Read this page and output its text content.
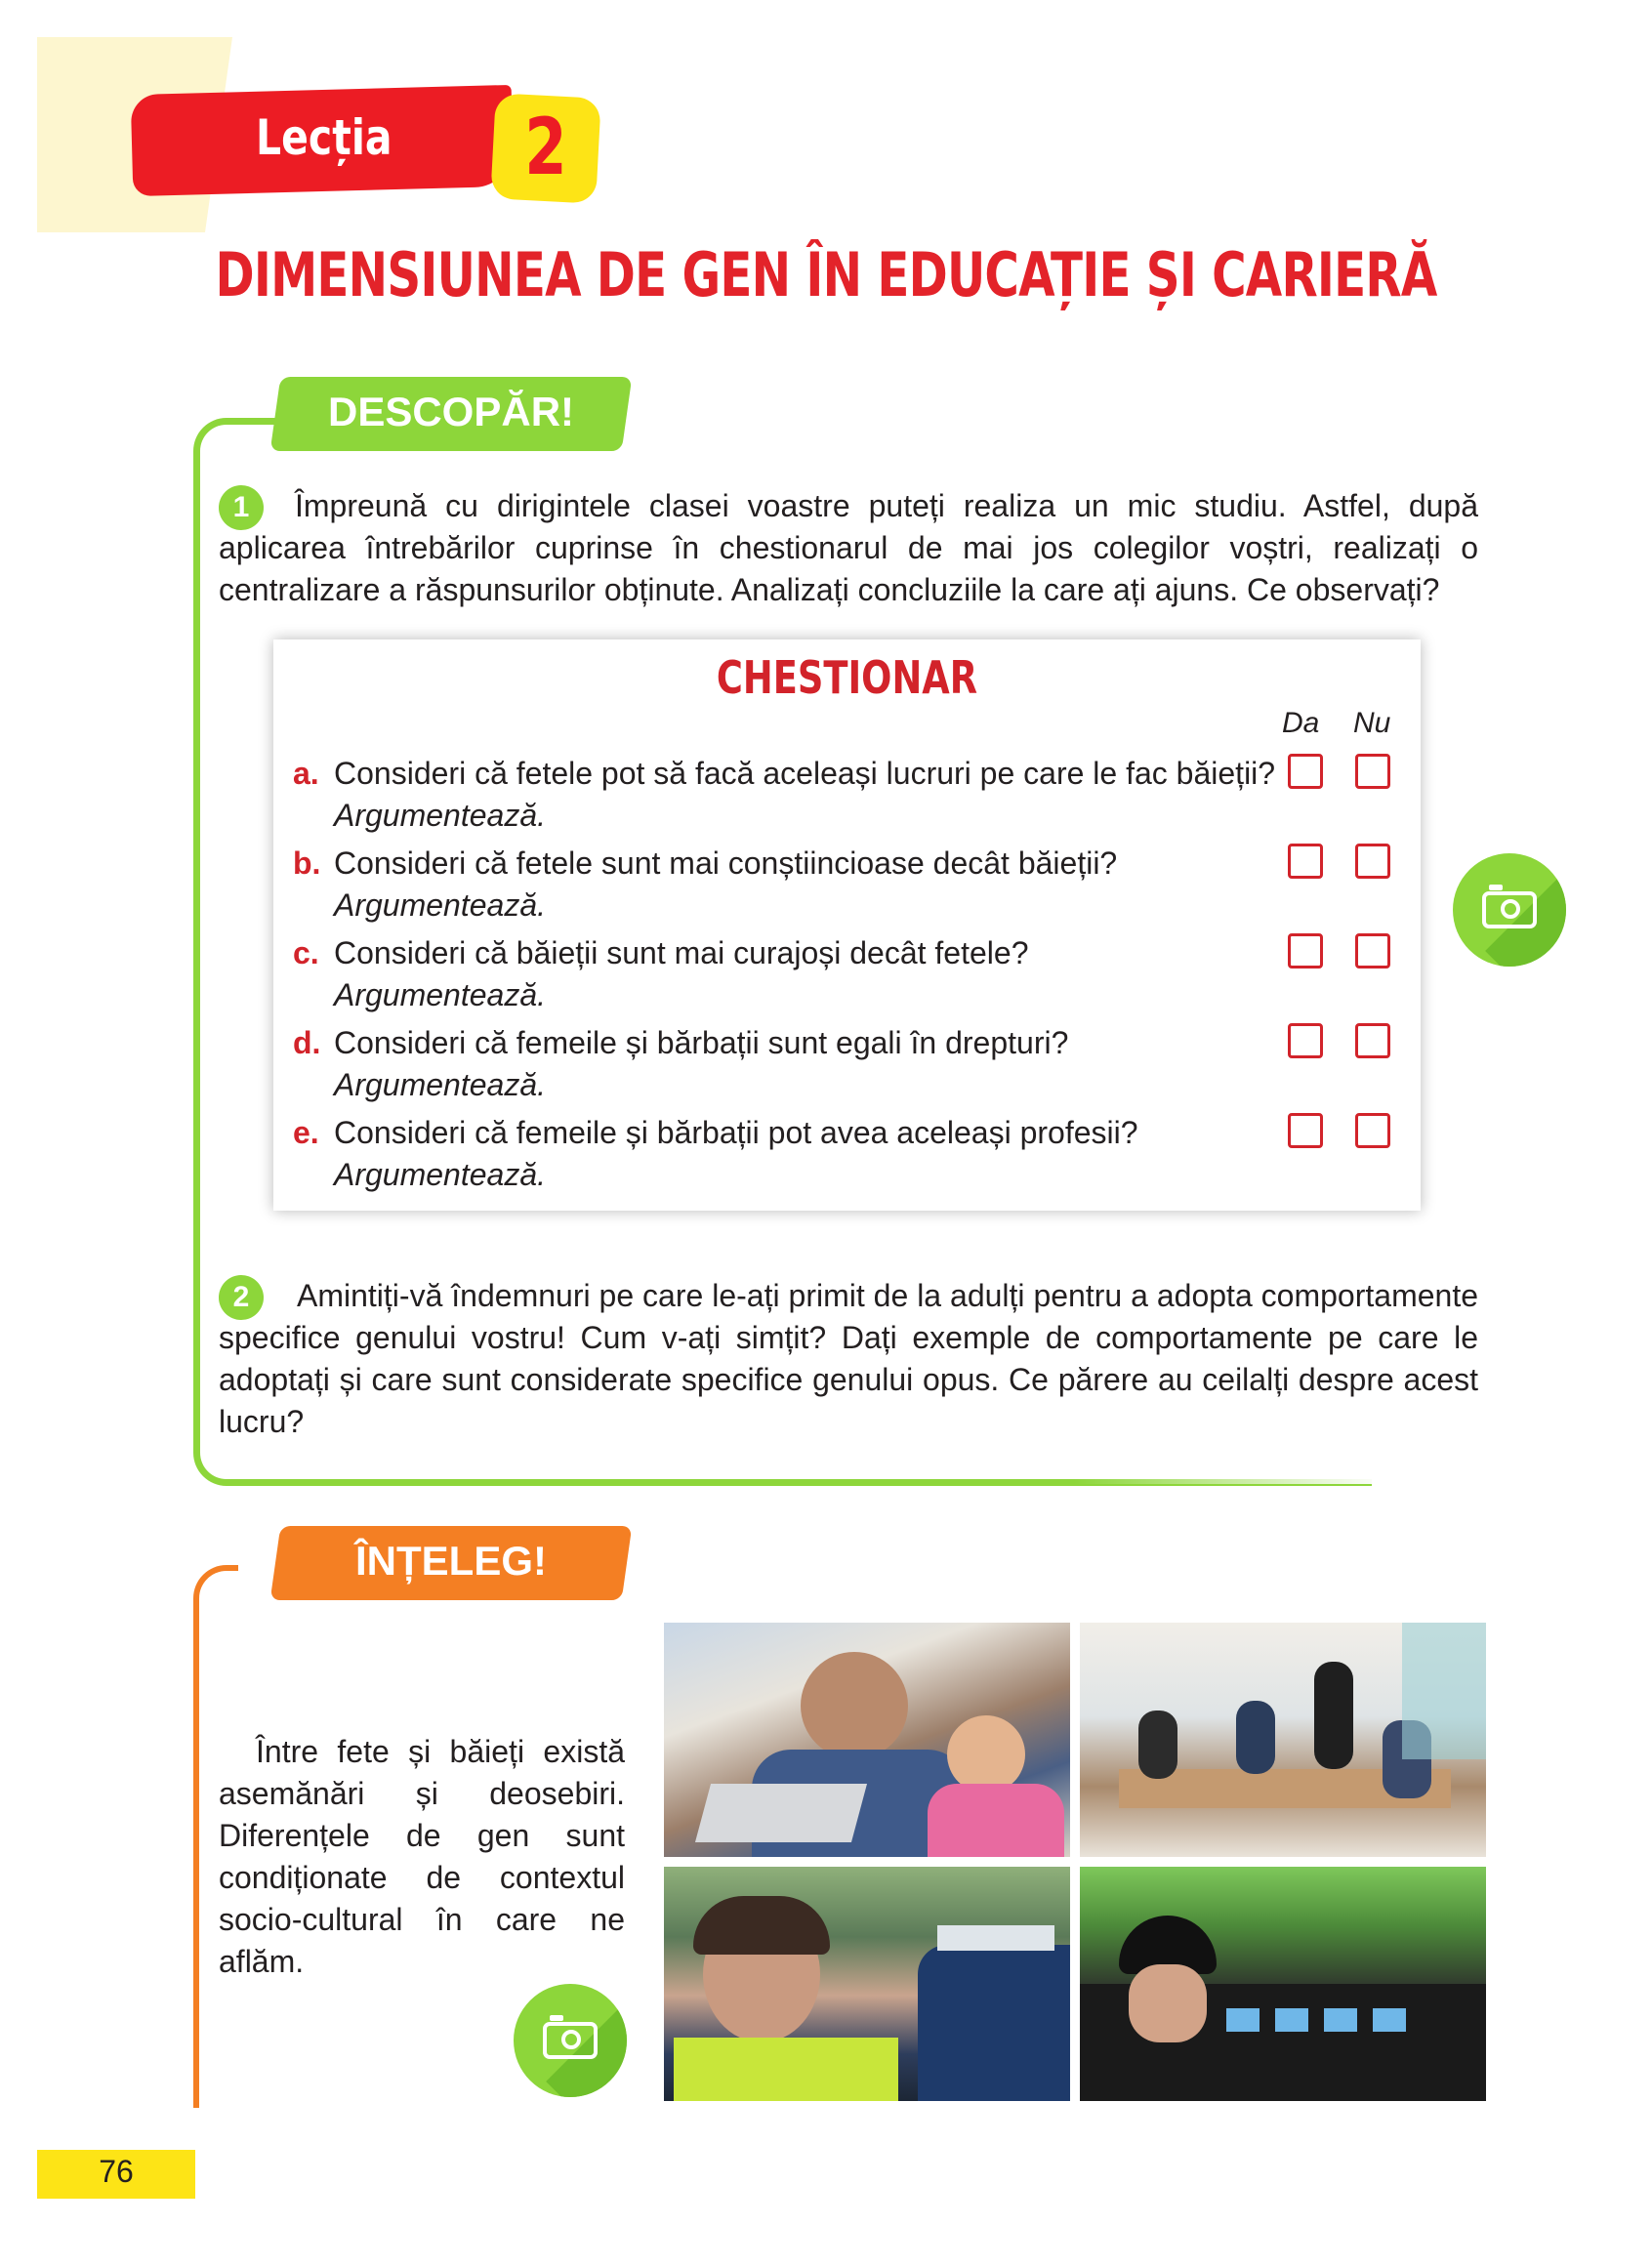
Lecția 2
DIMENSIUNEA DE GEN ÎN EDUCAȚIE ȘI CARIERĂ
DESCOPĂR!
1	Împreună cu dirigintele clasei voastre puteți realiza un mic studiu. Astfel, după aplicarea întrebărilor cuprinse în chestionarul de mai jos colegilor voștri, realizați o centralizare a răspunsurilor obținute. Analizați concluziile la care ați ajuns. Ce observați?
CHESTIONAR
Da Nu
a. Consideri că fetele pot să facă aceleași lucruri pe care le fac băieții?
Argumentează.
b. Consideri că fetele sunt mai conștiincioase decât băieții?
Argumentează.
c. Consideri că băieții sunt mai curajoși decât fetele?
Argumentează.
d. Consideri că femeile și bărbații sunt egali în drepturi?
Argumentează.
e. Consideri că femeile și bărbații pot avea aceleași profesii?
Argumentează.
2	Amintiți-vă îndemnuri pe care le-ați primit de la adulți pentru a adopta comportamente specifice genului vostru! Cum v-ați simțit? Dați exemple de comportamente pe care le adoptați și care sunt considerate specifice genului opus. Ce părere au ceilalți despre acest lucru?
ÎNȚELEG!
Între fete și băieți există asemănări și deosebiri. Diferențele de gen sunt condiționate de contextul socio-cultural în care ne aflăm.
76
